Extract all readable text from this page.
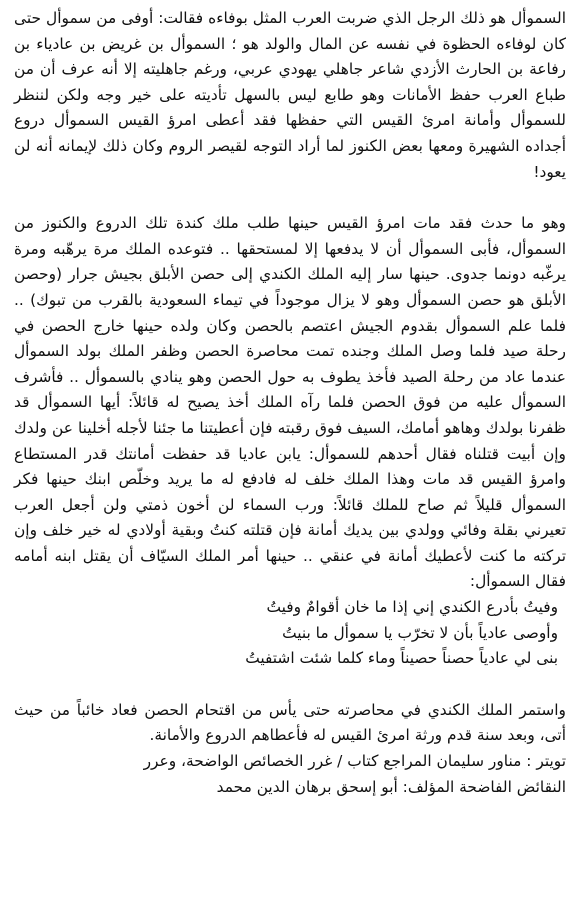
السموأل هو ذلك الرجل الذي ضربت العرب المثل بوفاءه فقالت: أوفى من سموأل حتى كان لوفاءه الحظوة في نفسه عن المال والولد هو ؛ السموأل بن غريض بن عادياء بن رفاعة بن الحارث الأزدي شاعر جاهلي يهودي عربي، ورغم جاهليته إلا أنه عرف أن من طباع العرب حفظ الأمانات وهو طابع ليس بالسهل تأديته على خير وجه ولكن لننظر للسموأل وأمانة امرئ القيس التي حفظها فقد أعطى امرؤ القيس السموأل دروع أجداده الشهيرة ومعها بعض الكنوز لما أراد التوجه لقيصر الروم وكان ذلك لإيمانه أنه لن يعود!

وهو ما حدث فقد مات امرؤ القيس حينها طلب ملك كندة تلك الدروع والكنوز من السموأل، فأبى السموأل أن لا يدفعها إلا لمستحقها .. فتوعده الملك مرة يرهّبه ومرة يرغّبه دونما جدوى. حينها سار إليه الملك الكندي إلى حصن الأبلق بجيش جرار (وحصن الأبلق هو حصن السموأل وهو لا يزال موجوداً في تيماء السعودية بالقرب من تبوك) .. فلما علم السموأل بقدوم الجيش اعتصم بالحصن وكان ولده حينها خارج الحصن في رحلة صيد فلما وصل الملك وجنده تمت محاصرة الحصن وظفر الملك بولد السموأل عندما عاد من رحلة الصيد فأخذ يطوف به حول الحصن وهو ينادي بالسموأل .. فأشرف السموأل عليه من فوق الحصن فلما رآه الملك أخذ يصيح له قائلاً: أيها السموأل قد ظفرنا بولدك وهاهو أمامك، السيف فوق رقبته فإن أعطيتنا ما جئنا لأجله أخلينا عن ولدك وإن أبيت قتلناه فقال أحدهم للسموأل: يابن عاديا قد حفظت أمانتك قدر المستطاع وامرؤ القيس قد مات وهذا الملك خلف له فادفع له ما يريد وخلّص ابنك حينها فكر السموأل قليلاً ثم صاح للملك قائلاً: ورب السماء لن أخون ذمتي ولن أجعل العرب تعيرني بقلة وفائي وولدي بين يديك أمانة فإن قتلته كنتُ وبقية أولادي له خير خلف وإن تركته ما كنت لأعطيك أمانة في عنقي .. حينها أمر الملك السيّاف أن يقتل ابنه أمامه فقال السموأل:

وفيتُ بأدرع الكندي إني إذا ما خان أقوامٌ وفيتُ

وأوصى عادياً بأن لا تخرّب يا سموأل ما بنيتُ

بنى لي عادياً حصناً حصيناً وماء كلما شئت اشتفيتُ

واستمر الملك الكندي في محاصرته حتى يأس من اقتحام الحصن فعاد خائباً من حيث أتى، وبعد سنة قدم ورثة امرئ القيس له فأعطاهم الدروع والأمانة.

تويتر : مناور سليمان المراجع كتاب / غرر الخصائص الواضحة، وعرر

النقائض الفاضحة المؤلف: أبو إسحق برهان الدين محمد
